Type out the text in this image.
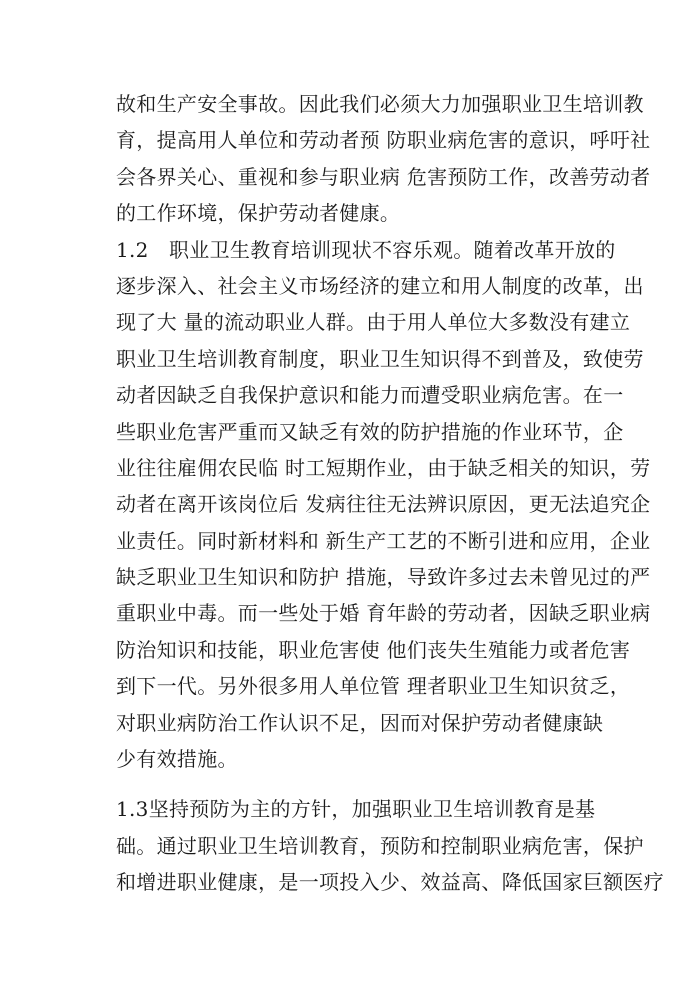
故和生产安全事故。因此我们必须大力加强职业卫生培训教
育，提高用人单位和劳动者预 防职业病危害的意识，呼吁社
会各界关心、重视和参与职业病 危害预防工作，改善劳动者
的工作环境，保护劳动者健康。
1.2　职业卫生教育培训现状不容乐观。随着改革开放的
逐步深入、社会主义市场经济的建立和用人制度的改革，出
现了大 量的流动职业人群。由于用人单位大多数没有建立
职业卫生培训教育制度，职业卫生知识得不到普及，致使劳
动者因缺乏自我保护意识和能力而遭受职业病危害。在一
些职业危害严重而又缺乏有效的防护措施的作业环节，企
业往往雇佣农民临 时工短期作业，由于缺乏相关的知识，劳
动者在离开该岗位后 发病往往无法辨识原因，更无法追究企
业责任。同时新材料和 新生产工艺的不断引进和应用，企业
缺乏职业卫生知识和防护 措施，导致许多过去未曾见过的严
重职业中毒。而一些处于婚 育年龄的劳动者，因缺乏职业病
防治知识和技能，职业危害使 他们丧失生殖能力或者危害
到下一代。另外很多用人单位管 理者职业卫生知识贫乏，
对职业病防治工作认识不足，因而对保护劳动者健康缺
少有效措施。
1.3坚持预防为主的方针，加强职业卫生培训教育是基
础。通过职业卫生培训教育，预防和控制职业病危害，保护
和增进职业健康，是一项投入少、效益高、降低国家巨额医疗
